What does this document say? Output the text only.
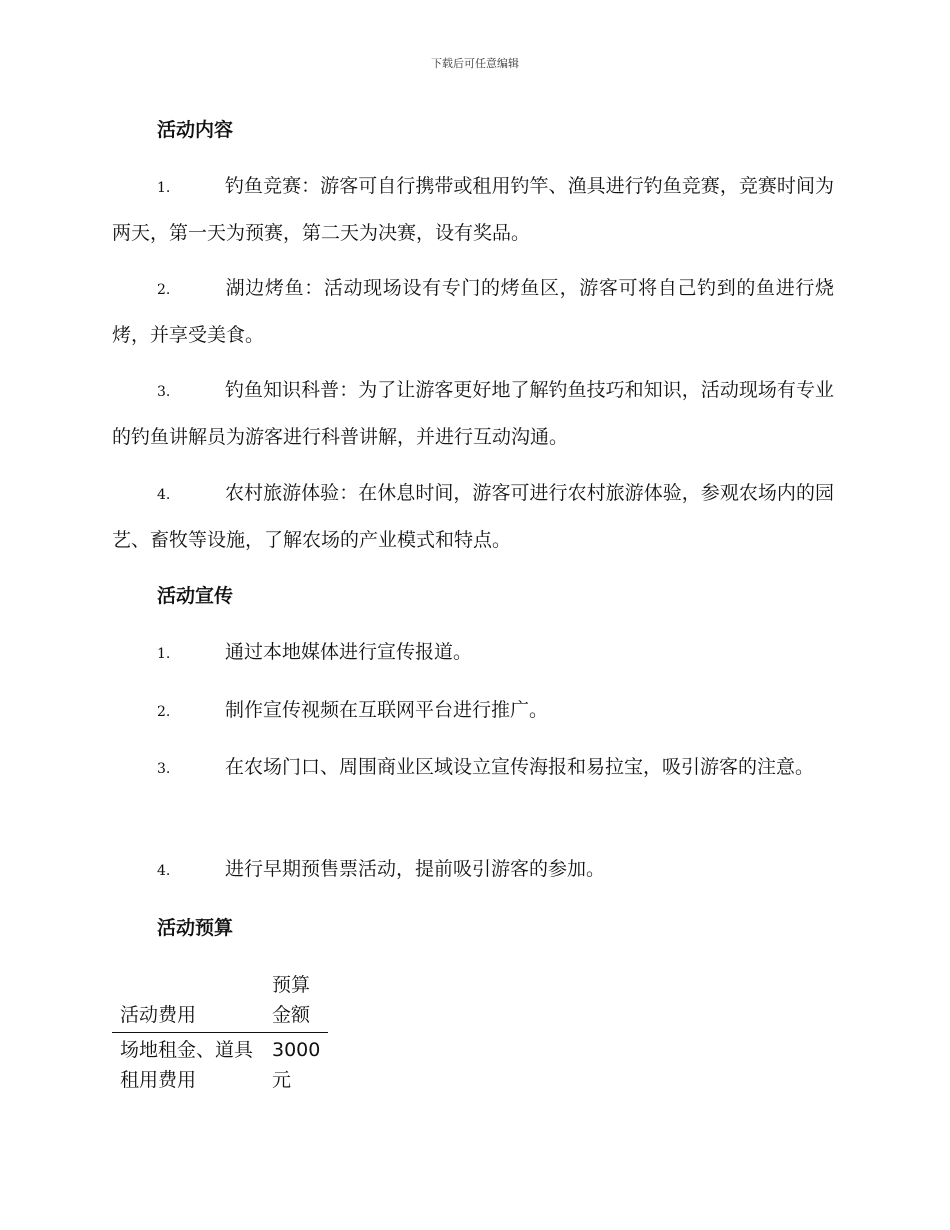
下载后可任意编辑
活动内容
1.	钓鱼竞赛：游客可自行携带或租用钓竿、渔具进行钓鱼竞赛，竞赛时间为两天，第一天为预赛，第二天为决赛，设有奖品。
2.	湖边烤鱼：活动现场设有专门的烤鱼区，游客可将自己钓到的鱼进行烧烤，并享受美食。
3.	钓鱼知识科普：为了让游客更好地了解钓鱼技巧和知识，活动现场有专业的钓鱼讲解员为游客进行科普讲解，并进行互动沟通。
4.	农村旅游体验：在休息时间，游客可进行农村旅游体验，参观农场内的园艺、畜牧等设施，了解农场的产业模式和特点。
活动宣传
1.	通过本地媒体进行宣传报道。
2.	制作宣传视频在互联网平台进行推广。
3.	在农场门口、周围商业区域设立宣传海报和易拉宝，吸引游客的注意。
4.	进行早期预售票活动，提前吸引游客的参加。
活动预算
活动费用	预算金额
场地租金、道具租用费用	3000元
